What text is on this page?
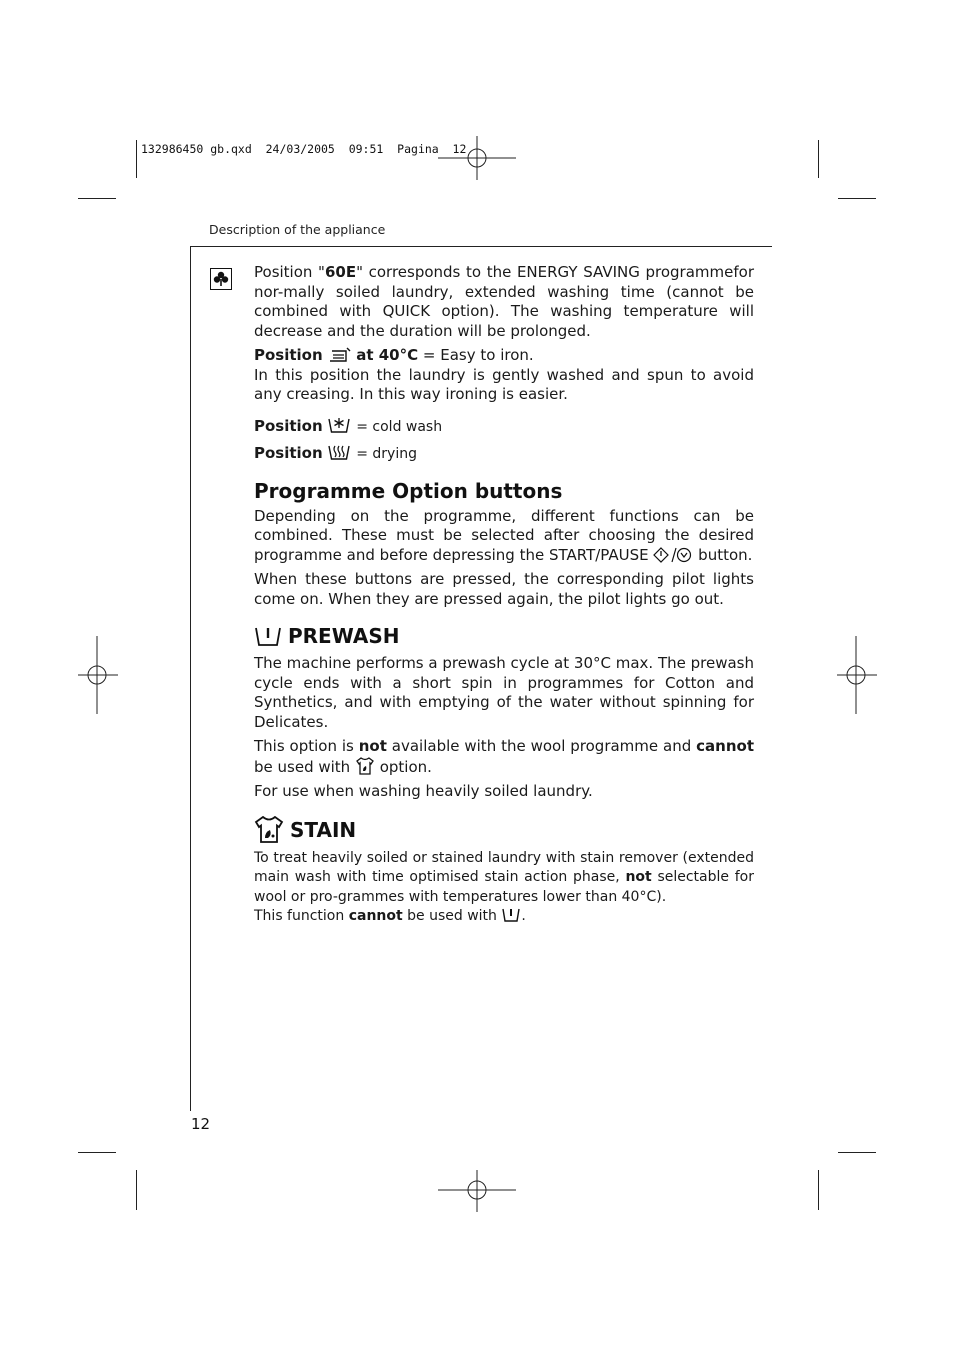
132986450 gb.qxd  24/03/2005  09:51  Pagina  12
Description of the appliance

Position "60E" corresponds to the ENERGY SAVING programmefor nor-mally soiled laundry, extended washing time (cannot be combined with QUICK option). The washing temperature will decrease and the duration will be prolonged.

Position at 40°C = Easy to iron.

In this position the laundry is gently washed and spun to avoid any creasing. In this way ironing is easier.

Position  = cold wash

Position  = drying

Programme Option buttons

Depending on the programme, different functions can be combined. These must be selected after choosing the desired programme and before depressing the START/PAUSE	button.

When these buttons are pressed, the corresponding pilot lights come on. When they are pressed again, the pilot lights go out.

PREWASH

The machine performs a prewash cycle at 30°C max. The prewash cycle ends with a short spin in programmes for Cotton and Synthetics, and with emptying of the water without spinning for Delicates.

This option is not available with the wool programme and cannot be used with  option.

For use when washing heavily soiled laundry.

STAIN

To treat heavily soiled or stained laundry with stain remover (extended main wash with time optimised stain action phase, not selectable for wool or pro-grammes with temperatures lower than 40°C).

This function cannot be used with .

12
